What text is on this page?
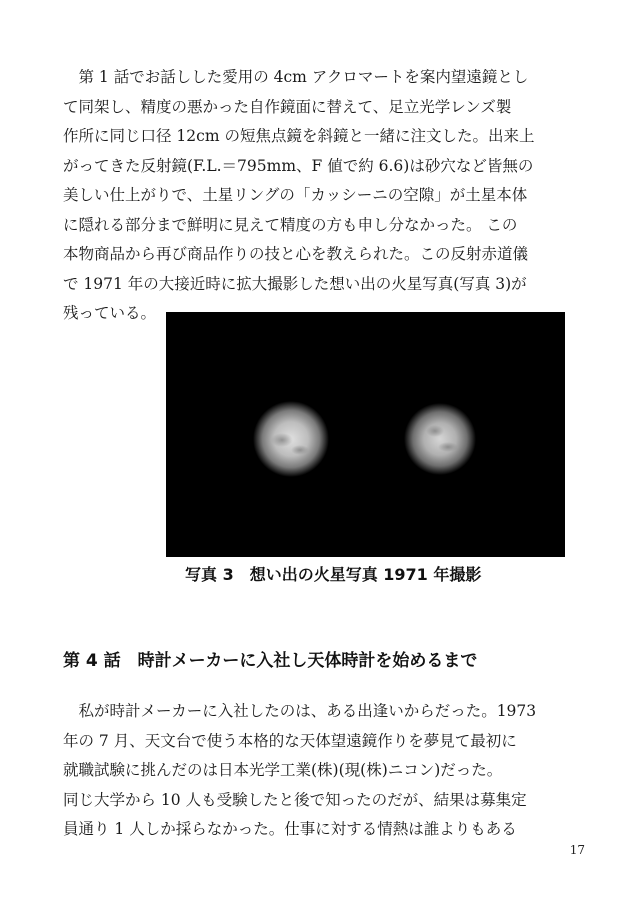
　第 1 話でお話しした愛用の 4cm アクロマートを案内望遠鏡とし
て同架し、精度の悪かった自作鏡面に替えて、足立光学レンズ製
作所に同じ口径 12cm の短焦点鏡を斜鏡と一緒に注文した。出来上
がってきた反射鏡(F.L.＝795mm、F 値で約 6.6)は砂穴など皆無の
美しい仕上がりで、土星リングの「カッシーニの空隙」が土星本体
に隠れる部分まで鮮明に見えて精度の方も申し分なかった。 この
本物商品から再び商品作りの技と心を教えられた。この反射赤道儀
で 1971 年の大接近時に拡大撮影した想い出の火星写真(写真 3)が
残っている。

写真 3　想い出の火星写真 1971 年撮影

第 4 話　時計メーカーに入社し天体時計を始めるまで
　私が時計メーカーに入社したのは、ある出逢いからだった。1973
年の 7 月、天文台で使う本格的な天体望遠鏡作りを夢見て最初に
就職試験に挑んだのは日本光学工業(株)(現(株)ニコン)だった。
同じ大学から 10 人も受験したと後で知ったのだが、結果は募集定
員通り 1 人しか採らなかった。仕事に対する情熱は誰よりもある
17
